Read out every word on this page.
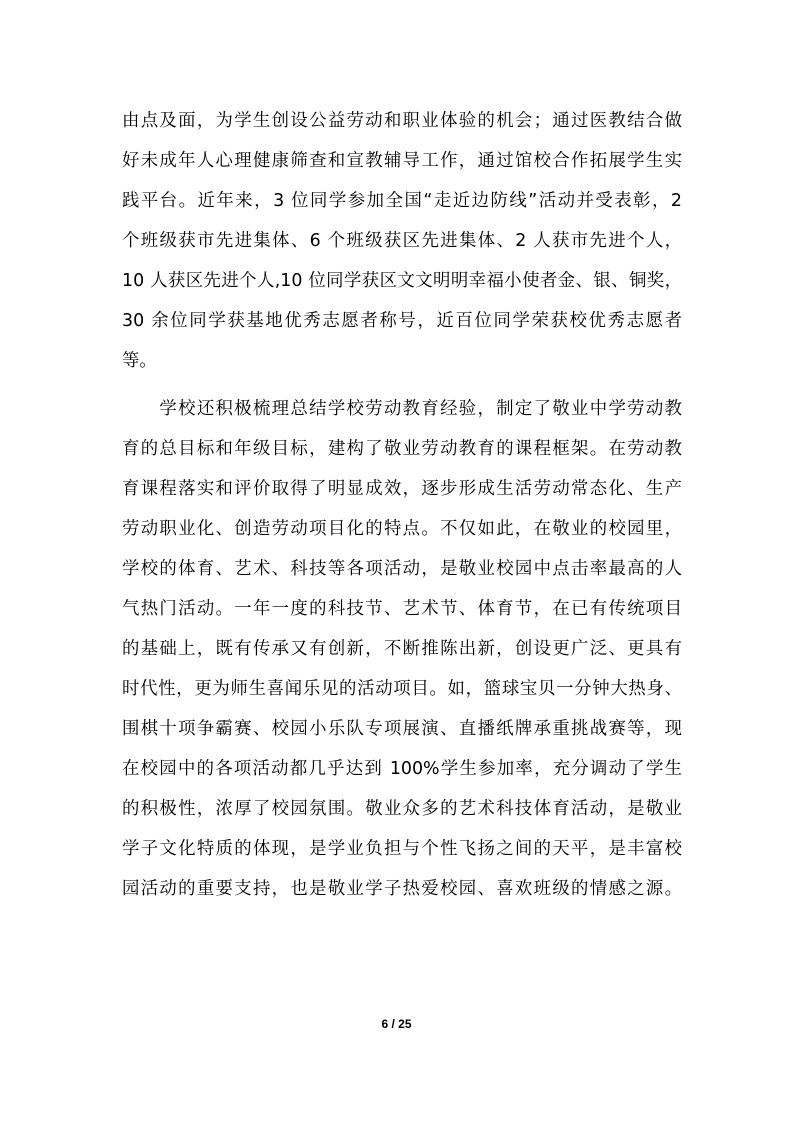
由点及面，为学生创设公益劳动和职业体验的机会；通过医教结合做
好未成年人心理健康筛查和宣教辅导工作，通过馆校合作拓展学生实
践平台。近年来，3 位同学参加全国“走近边防线”活动并受表彰，2
个班级获市先进集体、6 个班级获区先进集体、2 人获市先进个人，
10 人获区先进个人,10 位同学获区文文明明幸福小使者金、银、铜奖，
30 余位同学获基地优秀志愿者称号，近百位同学荣获校优秀志愿者
等。
　　学校还积极梳理总结学校劳动教育经验，制定了敬业中学劳动教
育的总目标和年级目标，建构了敬业劳动教育的课程框架。在劳动教
育课程落实和评价取得了明显成效，逐步形成生活劳动常态化、生产
劳动职业化、创造劳动项目化的特点。不仅如此，在敬业的校园里，
学校的体育、艺术、科技等各项活动，是敬业校园中点击率最高的人
气热门活动。一年一度的科技节、艺术节、体育节，在已有传统项目
的基础上，既有传承又有创新，不断推陈出新，创设更广泛、更具有
时代性，更为师生喜闻乐见的活动项目。如，篮球宝贝一分钟大热身、
围棋十项争霸赛、校园小乐队专项展演、直播纸牌承重挑战赛等，现
在校园中的各项活动都几乎达到 100%学生参加率，充分调动了学生
的积极性，浓厚了校园氛围。敬业众多的艺术科技体育活动，是敬业
学子文化特质的体现，是学业负担与个性飞扬之间的天平，是丰富校
园活动的重要支持，也是敬业学子热爱校园、喜欢班级的情感之源。
6 / 25
